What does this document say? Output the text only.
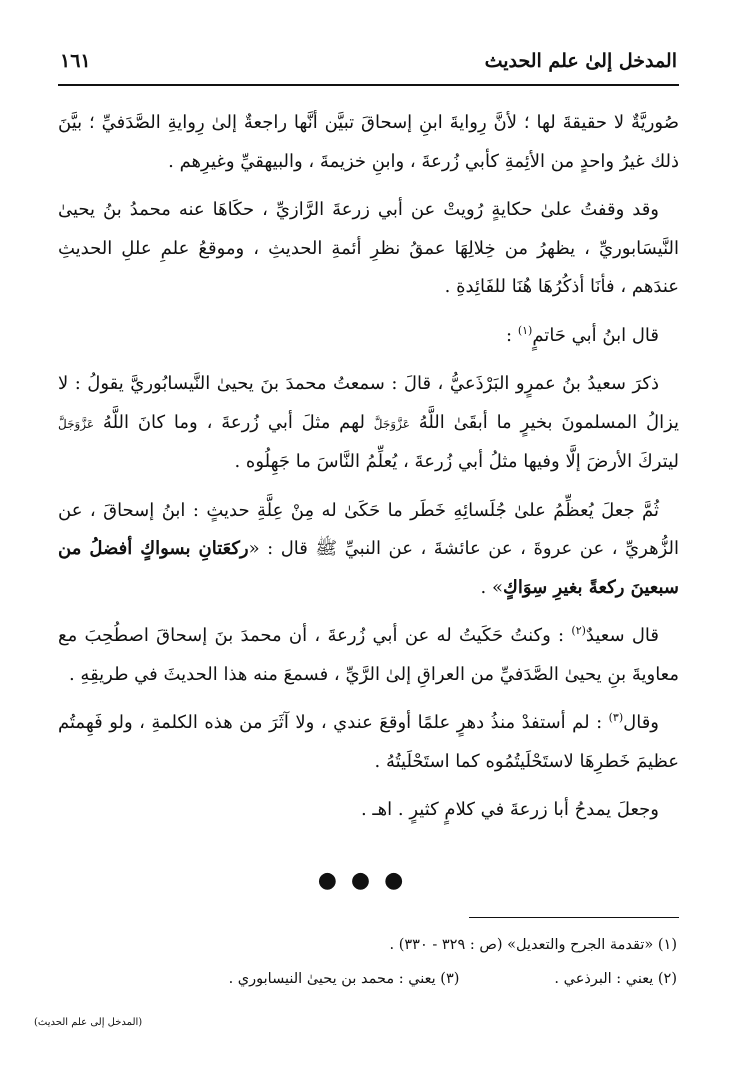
المدخل إلىٰ علم الحديث
١٦١

صُوريَّةٌ لا حقيقةَ لها ؛ لأنَّ رِوايةَ ابنِ إسحاقَ تبيَّن أنَّها راجعةٌ إلىٰ رِوايةِ الصَّدَفيِّ ؛ بيَّنَ ذلك غيرُ واحدٍ من الأئِمةِ كأبي زُرعةَ ، وابنِ خزيمةَ ، والبيهقيِّ وغيرِهم .

وقد وقفتُ علىٰ حكايةٍ رُويتْ عن أبي زرعةَ الرَّازيِّ ، حكَاهَا عنه محمدُ بنُ يحيىٰ النَّيسَابوريِّ ، يظهرُ من خِلالِهَا عمقُ نظرِ أئمةِ الحديثِ ، وموقعُ علمِ عللِ الحديثِ عندَهم ، فأنَا أذكُرُهَا هُنَا للفَائِدةِ .

قال ابنُ أبي حَاتمٍ$^{(١)}$ :

ذكرَ سعيدُ بنُ عمرٍو البَرْذَعيُّ ، قالَ : سمعتُ محمدَ بنَ يحيىٰ النَّيسابُوريَّ يقولُ : لا يزالُ المسلمونَ بخيرٍ ما أبقَىٰ اللَّهُ عَزَّوَجَلَّ لهم مثلَ أبي زُرعةَ ، وما كانَ اللَّهُ عَزَّوَجَلَّ ليتركَ الأرضَ إلَّا وفيها مثلُ أبي زُرعةَ ، يُعلِّمُ النَّاسَ ما جَهِلُوه .

ثُمَّ جعلَ يُعظِّمُ علىٰ جُلَسائِهِ خَطَر ما حَكَىٰ له مِنْ عِلَّةِ حديثٍ : ابنُ إسحاقَ ، عن الزُّهريِّ ، عن عروةَ ، عن عائشةَ ، عن النبيِّ ﷺ قال : «ركعَتانِ بسواكٍ أفضلُ من سبعينَ ركعةً بغيرِ سِوَاكٍ» .

قال سعيدٌ$^{(٢)}$ : وكنتُ حَكَيتُ له عن أبي زُرعةَ ، أن محمدَ بنَ إسحاقَ اصطُحِبَ مع معاويةَ بنِ يحيىٰ الصَّدَفيِّ من العراقِ إلىٰ الرَّيِّ ، فسمعَ منه هذا الحديثَ في طريقِهِ .

وقال$^{(٣)}$ : لم أستفدْ منذُ دهرٍ علمًا أوقعَ عندي ، ولا آثَرَ من هذه الكلمةِ ، ولو فَهِمتُم عظيمَ خَطرِهَا لاستَحْلَيتُمُوه كما استَحْلَيتُهُ .

وجعلَ يمدحُ أبا زرعةَ في كلامٍ كثيرٍ . اهـ .

●●●
(١) «تقدمة الجرح والتعديل» (ص : ٣٢٩ - ٣٣٠) .
(٢) يعني : البرذعي .(٣) يعني : محمد بن يحيىٰ النيسابوري .
(المدخل إلى علم الحديث)
